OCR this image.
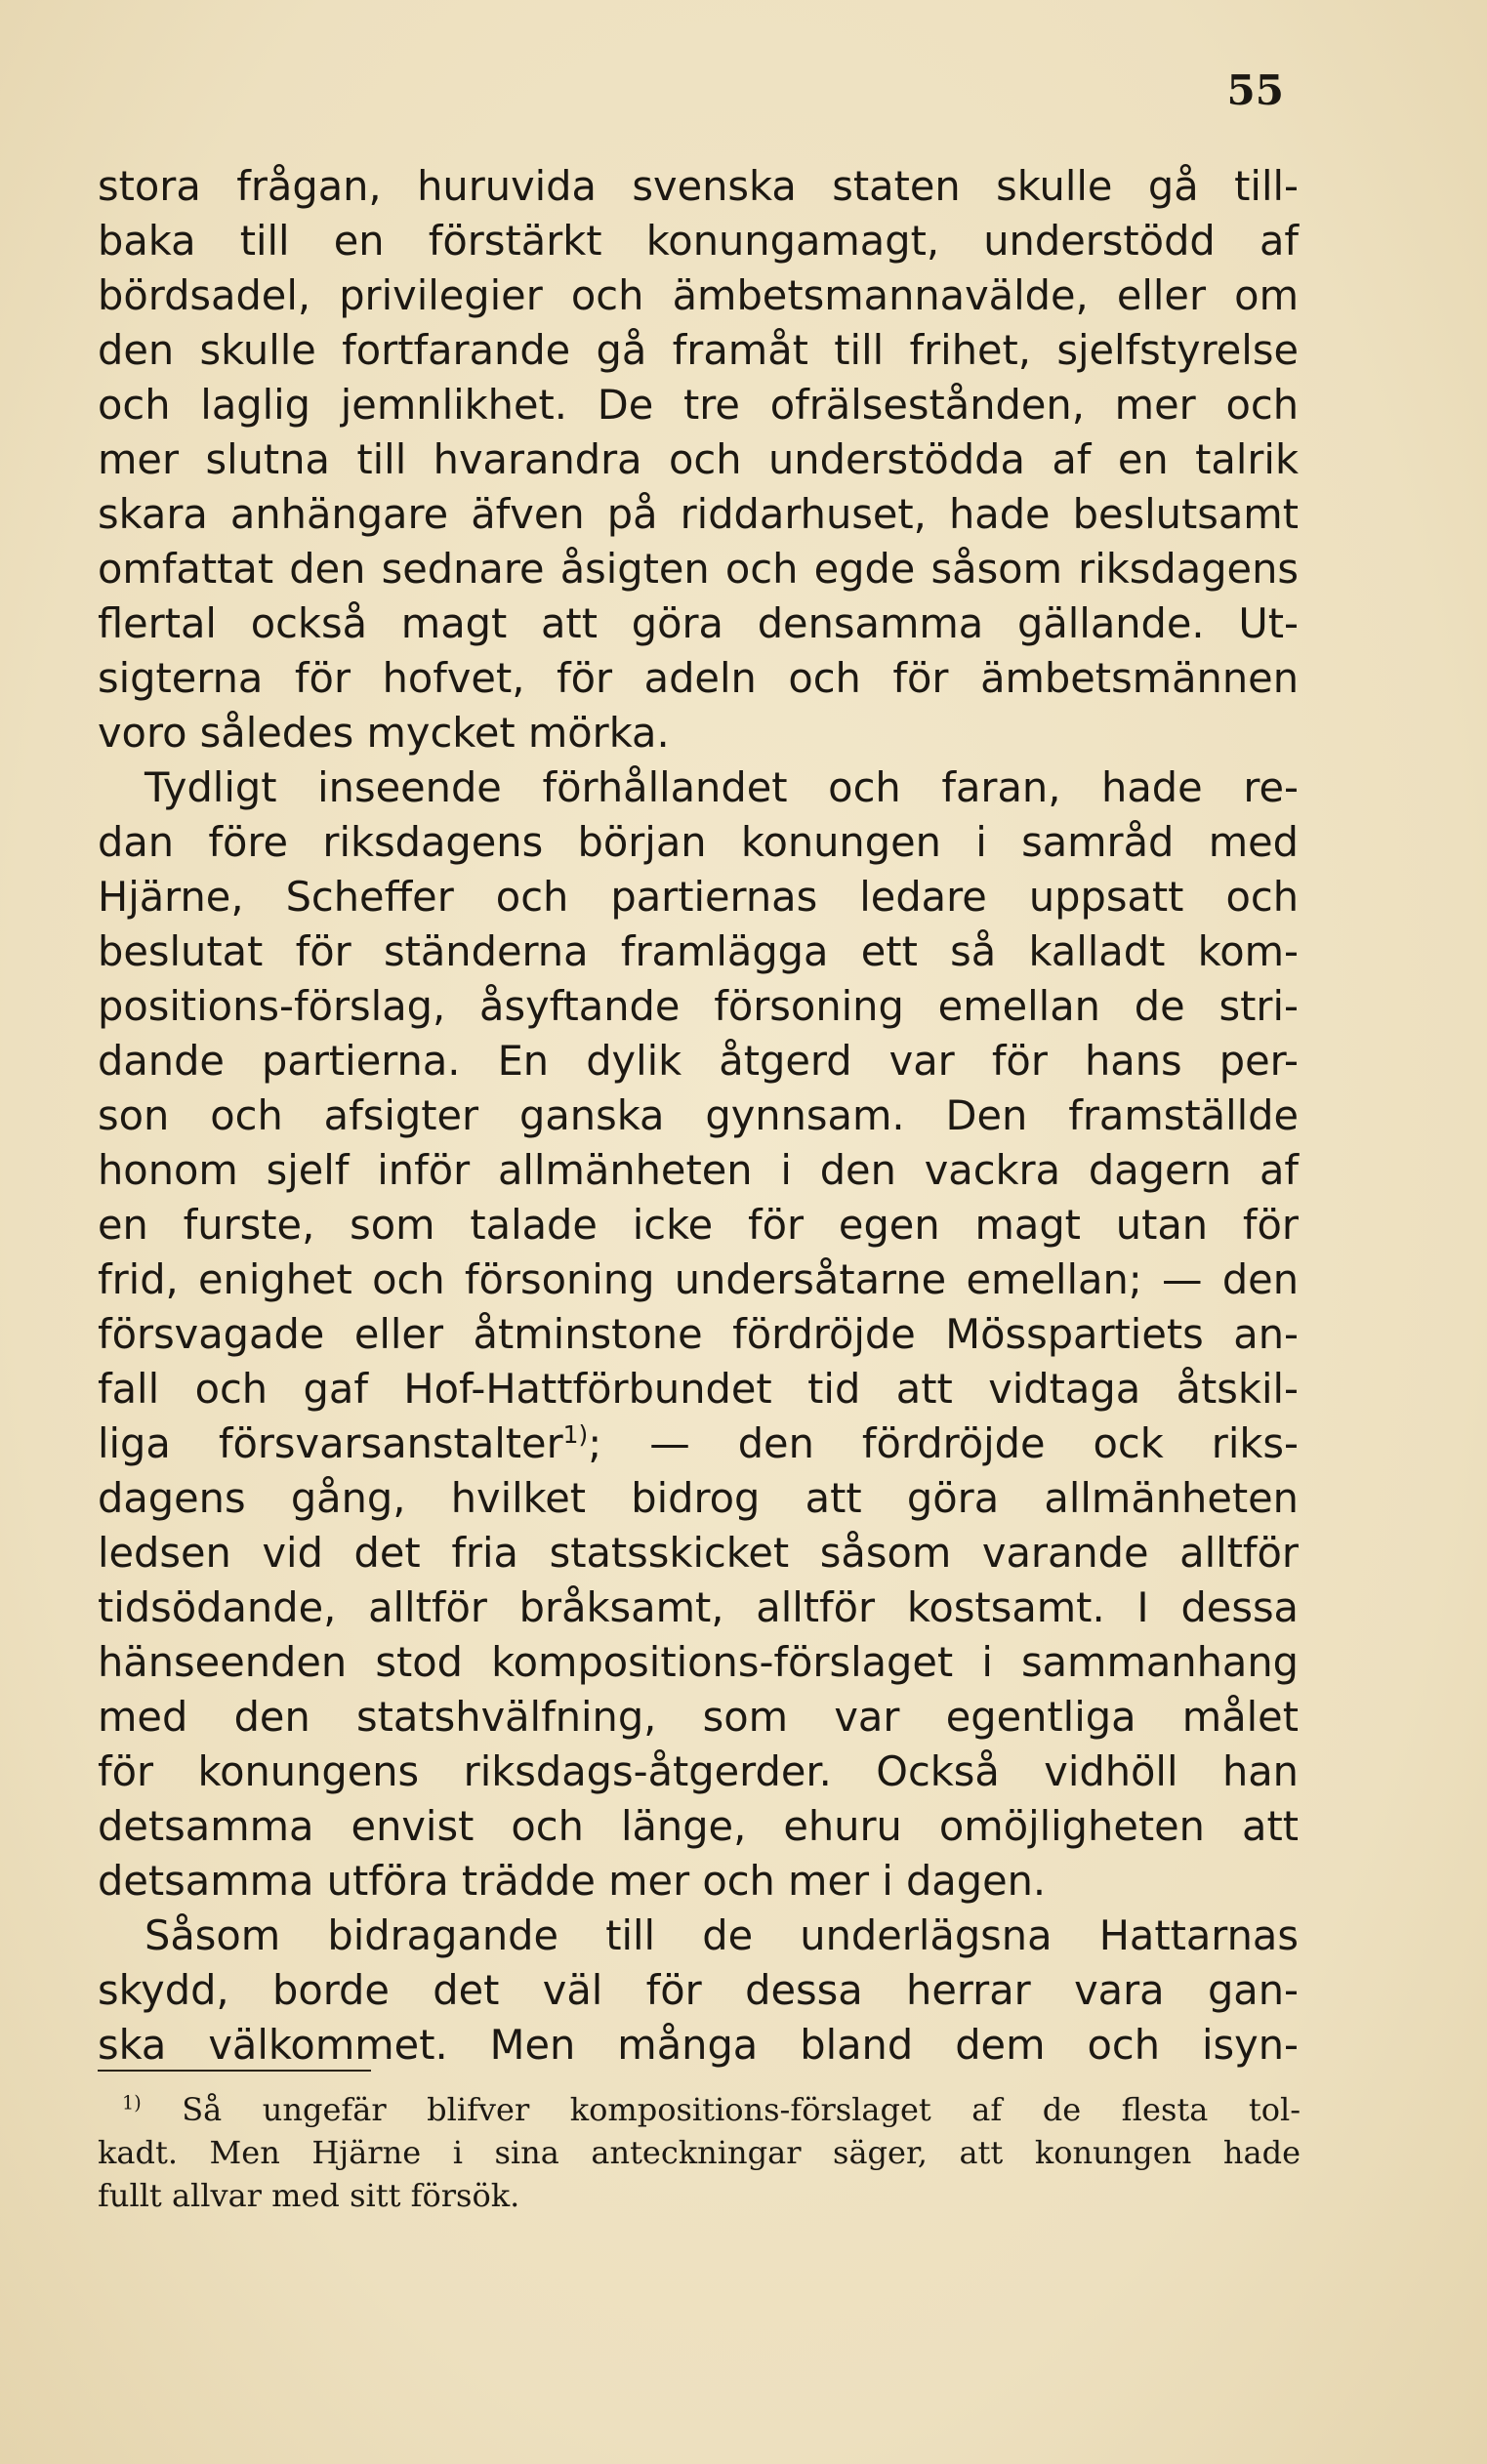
55
stora frågan, huruvida svenska staten skulle gå till-
baka till en förstärkt konungamagt, understödd af
bördsadel, privilegier och ämbetsmannavälde, eller om
den skulle fortfarande gå framåt till frihet, sjelfstyrelse
och laglig jemnlikhet. De tre ofrälsestånden, mer och
mer slutna till hvarandra och understödda af en talrik
skara anhängare äfven på riddarhuset, hade beslutsamt
omfattat den sednare åsigten och egde såsom riksdagens
flertal också magt att göra densamma gällande. Ut-
sigterna för hofvet, för adeln och för ämbetsmännen
voro således mycket mörka.
Tydligt inseende förhållandet och faran, hade re-
dan före riksdagens början konungen i samråd med
Hjärne, Scheffer och partiernas ledare uppsatt och
beslutat för ständerna framlägga ett så kalladt kom-
positions-förslag, åsyftande försoning emellan de stri-
dande partierna. En dylik åtgerd var för hans per-
son och afsigter ganska gynnsam. Den framställde
honom sjelf inför allmänheten i den vackra dagern af
en furste, som talade icke för egen magt utan för
frid, enighet och försoning undersåtarne emellan; — den
försvagade eller åtminstone fördröjde Mösspartiets an-
fall och gaf Hof-Hattförbundet tid att vidtaga åtskil-
liga försvarsanstalter$^{1)}$; — den fördröjde ock riks-
dagens gång, hvilket bidrog att göra allmänheten
ledsen vid det fria statsskicket såsom varande alltför
tidsödande, alltför bråksamt, alltför kostsamt. I dessa
hänseenden stod kompositions-förslaget i sammanhang
med den statshvälfning, som var egentliga målet
för konungens riksdags-åtgerder. Också vidhöll han
detsamma envist och länge, ehuru omöjligheten att
detsamma utföra trädde mer och mer i dagen.
Såsom bidragande till de underlägsna Hattarnas
skydd, borde det väl för dessa herrar vara gan-
ska välkommet. Men många bland dem och isyn-
$^{1)}$ Så ungefär blifver kompositions-förslaget af de flesta tol-
kadt. Men Hjärne i sina anteckningar säger, att konungen hade
fullt allvar med sitt försök.
